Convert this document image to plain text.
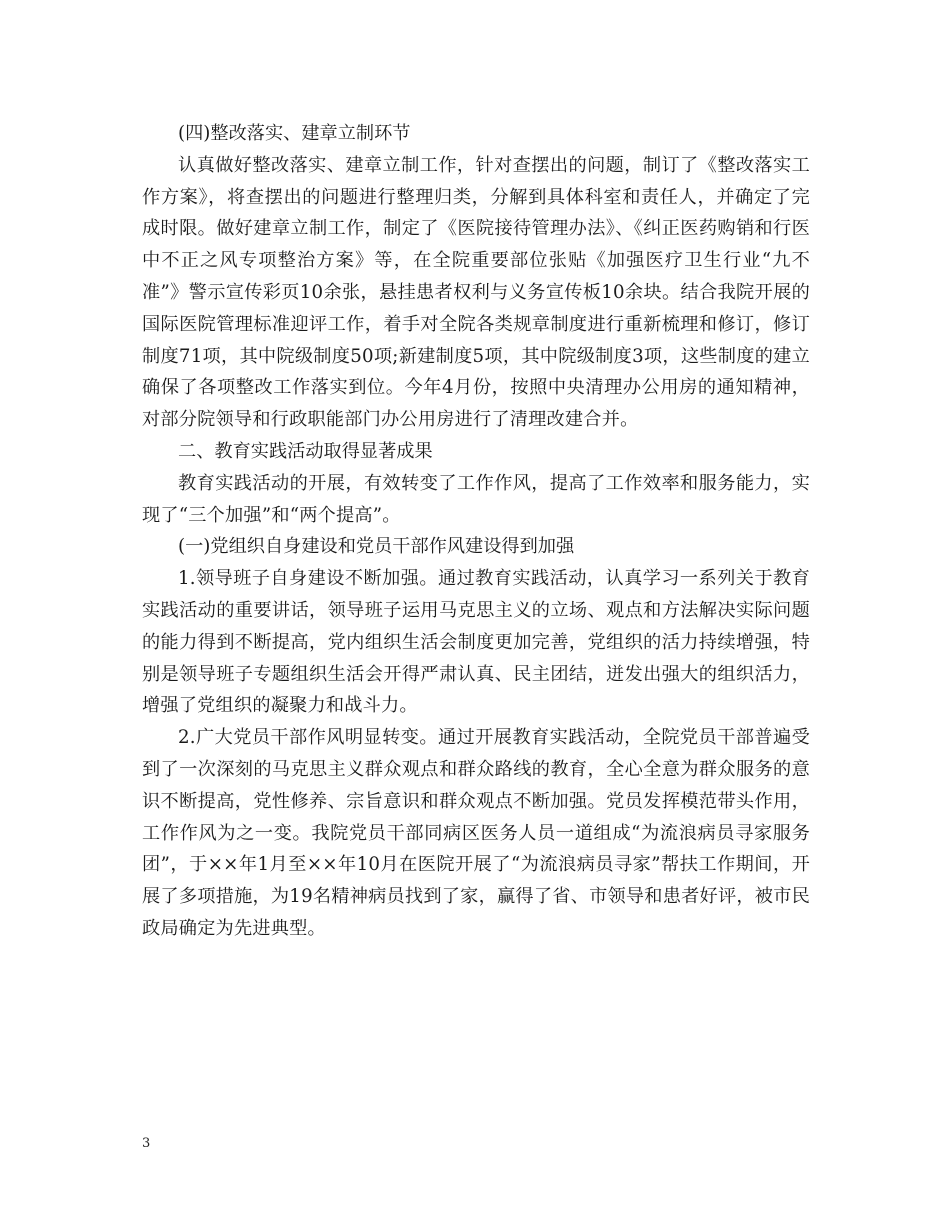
(四)整改落实、建章立制环节

认真做好整改落实、建章立制工作，针对查摆出的问题，制订了《整改落实工作方案》，将查摆出的问题进行整理归类，分解到具体科室和责任人，并确定了完成时限。做好建章立制工作，制定了《医院接待管理办法》、《纠正医药购销和行医中不正之风专项整治方案》等，在全院重要部位张贴《加强医疗卫生行业“九不准”》警示宣传彩页10余张，悬挂患者权利与义务宣传板10余块。结合我院开展的国际医院管理标准迎评工作，着手对全院各类规章制度进行重新梳理和修订，修订制度71项，其中院级制度50项;新建制度5项，其中院级制度3项，这些制度的建立确保了各项整改工作落实到位。今年4月份，按照中央清理办公用房的通知精神，对部分院领导和行政职能部门办公用房进行了清理改建合并。

二、教育实践活动取得显著成果

教育实践活动的开展，有效转变了工作作风，提高了工作效率和服务能力，实现了“三个加强”和“两个提高”。

(一)党组织自身建设和党员干部作风建设得到加强

1.领导班子自身建设不断加强。通过教育实践活动，认真学习一系列关于教育实践活动的重要讲话，领导班子运用马克思主义的立场、观点和方法解决实际问题的能力得到不断提高，党内组织生活会制度更加完善，党组织的活力持续增强，特别是领导班子专题组织生活会开得严肃认真、民主团结，迸发出强大的组织活力，增强了党组织的凝聚力和战斗力。

2.广大党员干部作风明显转变。通过开展教育实践活动，全院党员干部普遍受到了一次深刻的马克思主义群众观点和群众路线的教育，全心全意为群众服务的意识不断提高，党性修养、宗旨意识和群众观点不断加强。党员发挥模范带头作用，工作作风为之一变。我院党员干部同病区医务人员一道组成“为流浪病员寻家服务团”，于××年1月至××年10月在医院开展了“为流浪病员寻家”帮扶工作期间，开展了多项措施，为19名精神病员找到了家，赢得了省、市领导和患者好评，被市民政局确定为先进典型。

3
